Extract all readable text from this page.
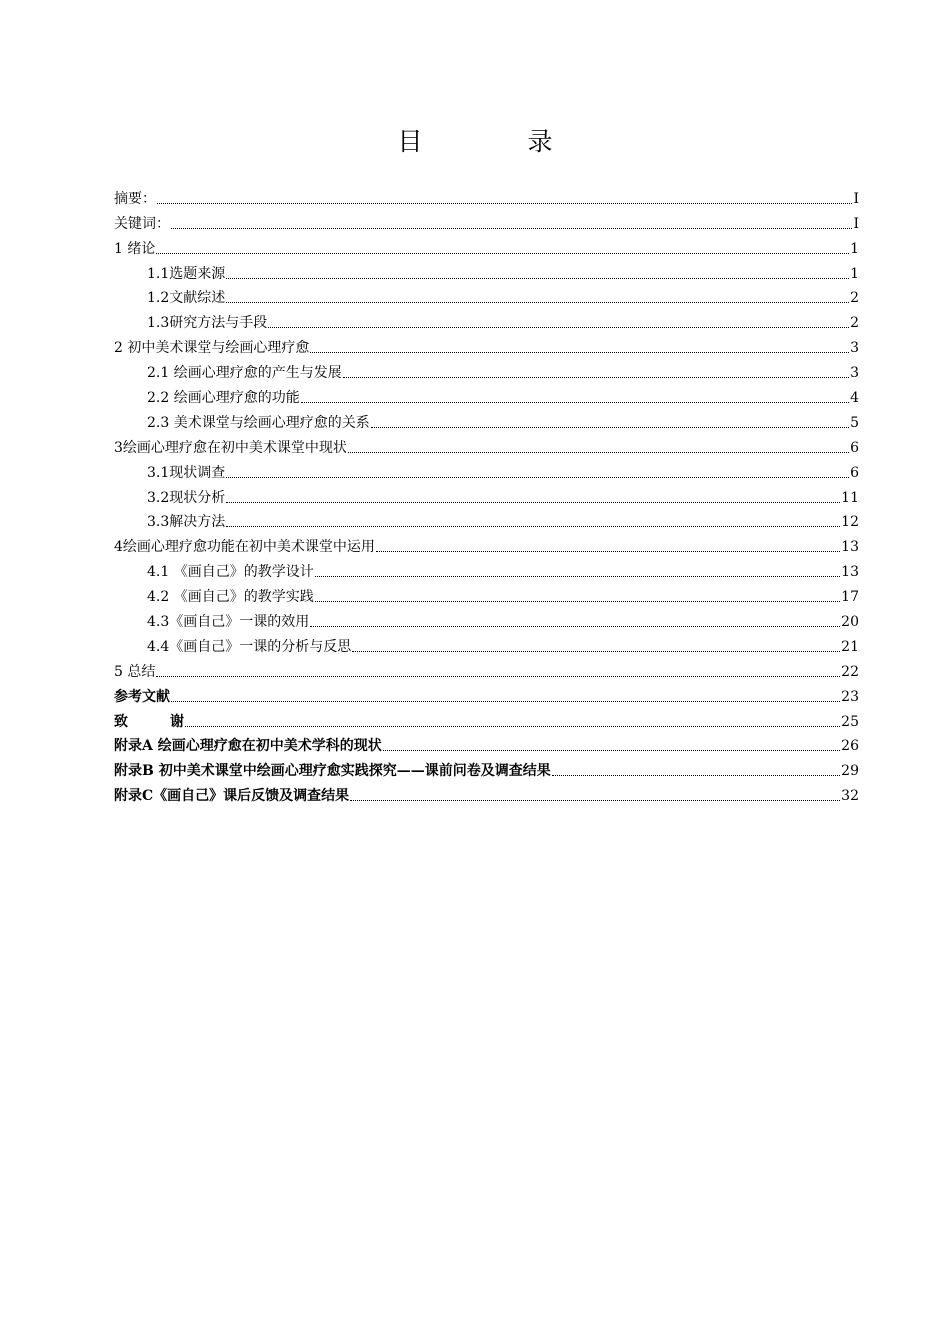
目　录
摘要：	I
关键词：	I
1 绪论	1
1.1选题来源	1
1.2文献综述	2
1.3研究方法与手段	2
2 初中美术课堂与绘画心理疗愈	3
2.1 绘画心理疗愈的产生与发展	3
2.2 绘画心理疗愈的功能	4
2.3 美术课堂与绘画心理疗愈的关系	5
3绘画心理疗愈在初中美术课堂中现状	6
3.1现状调查	6
3.2现状分析	11
3.3解决方法	12
4绘画心理疗愈功能在初中美术课堂中运用	13
4.1 《画自己》的教学设计	13
4.2 《画自己》的教学实践	17
4.3《画自己》一课的效用	20
4.4《画自己》一课的分析与反思	21
5 总结	22
参考文献	23
致　　　谢	25
附录A 绘画心理疗愈在初中美术学科的现状	26
附录B 初中美术课堂中绘画心理疗愈实践探究——课前问卷及调查结果	29
附录C《画自己》课后反馈及调查结果	32
